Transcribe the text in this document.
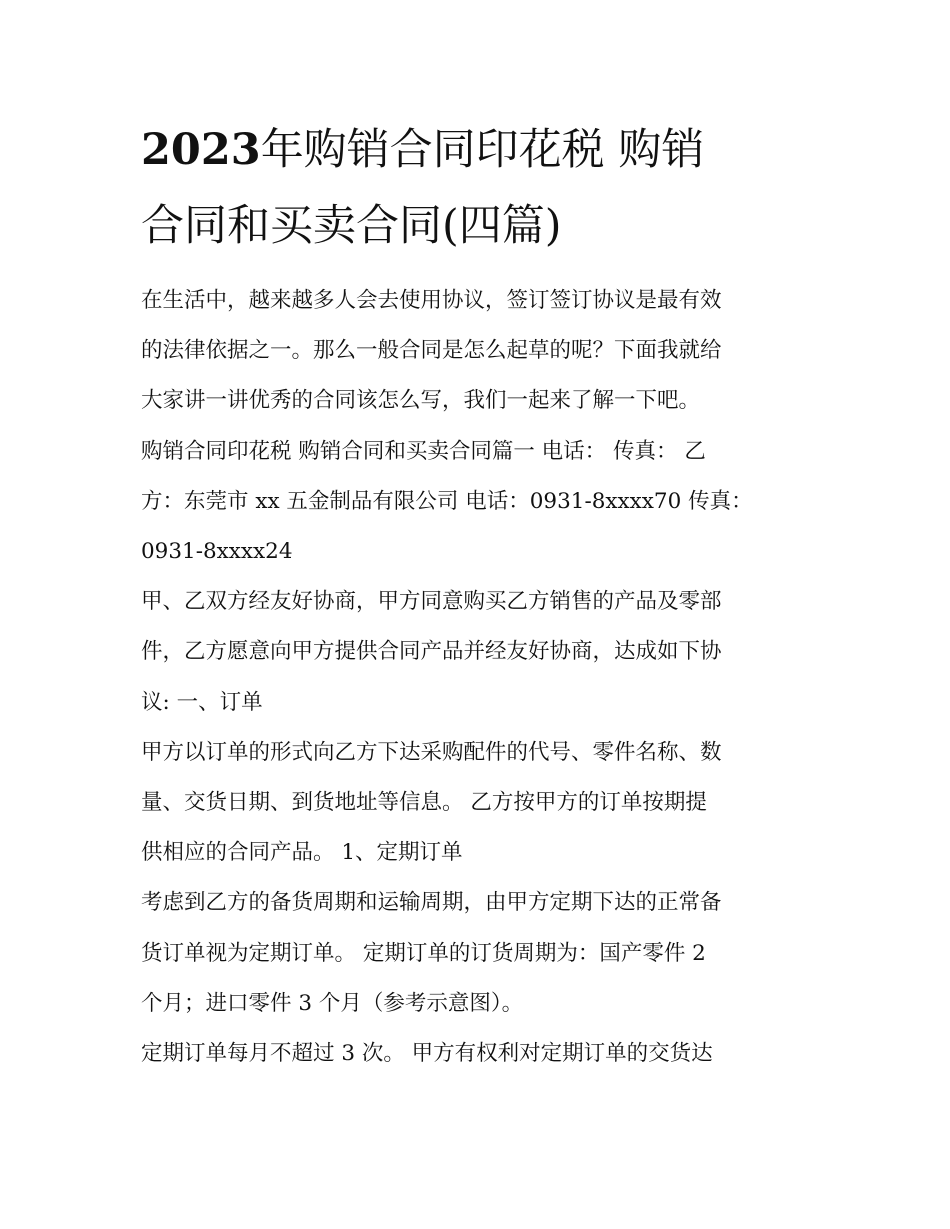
2023年购销合同印花税 购销
合同和买卖合同(四篇)
在生活中，越来越多人会去使用协议，签订签订协议是最有效
的法律依据之一。那么一般合同是怎么起草的呢？下面我就给
大家讲一讲优秀的合同该怎么写，我们一起来了解一下吧。
购销合同印花税 购销合同和买卖合同篇一 电话： 传真： 乙
方：东莞市 xx 五金制品有限公司 电话：0931-8xxxx70 传真：
0931-8xxxx24
甲、乙双方经友好协商，甲方同意购买乙方销售的产品及零部
件，乙方愿意向甲方提供合同产品并经友好协商，达成如下协
议: 一、订单
甲方以订单的形式向乙方下达采购配件的代号、零件名称、数
量、交货日期、到货地址等信息。 乙方按甲方的订单按期提
供相应的合同产品。 1、定期订单
考虑到乙方的备货周期和运输周期，由甲方定期下达的正常备
货订单视为定期订单。 定期订单的订货周期为：国产零件 2
个月；进口零件 3 个月（参考示意图）。
定期订单每月不超过 3 次。 甲方有权利对定期订单的交货达
